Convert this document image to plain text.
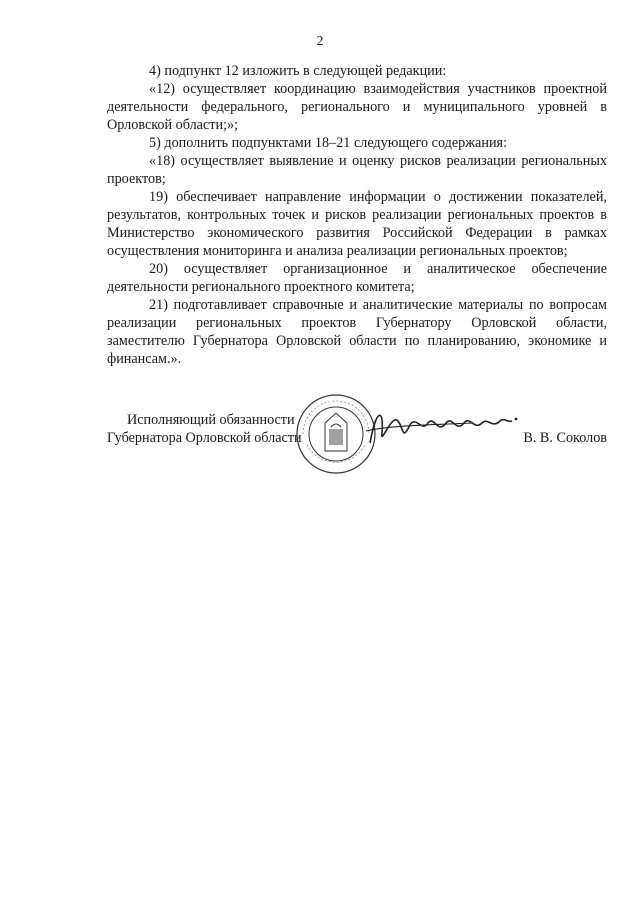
2

4) подпункт 12 изложить в следующей редакции:

«12) осуществляет координацию взаимодействия участников проектной деятельности федерального, регионального и муниципального уровней в Орловской области;»;

5) дополнить подпунктами 18–21 следующего содержания:

«18) осуществляет выявление и оценку рисков реализации региональных проектов;

19) обеспечивает направление информации о достижении показателей, результатов, контрольных точек и рисков реализации региональных проектов в Министерство экономического развития Российской Федерации в рамках осуществления мониторинга и анализа реализации региональных проектов;

20) осуществляет организационное и аналитическое обеспечение деятельности регионального проектного комитета;

21) подготавливает справочные и аналитические материалы по вопросам реализации региональных проектов Губернатору Орловской области, заместителю Губернатора Орловской области по планированию, экономике и финансам.».

Исполняющий обязанности
Губернатора Орловской области	В. В. Соколов
